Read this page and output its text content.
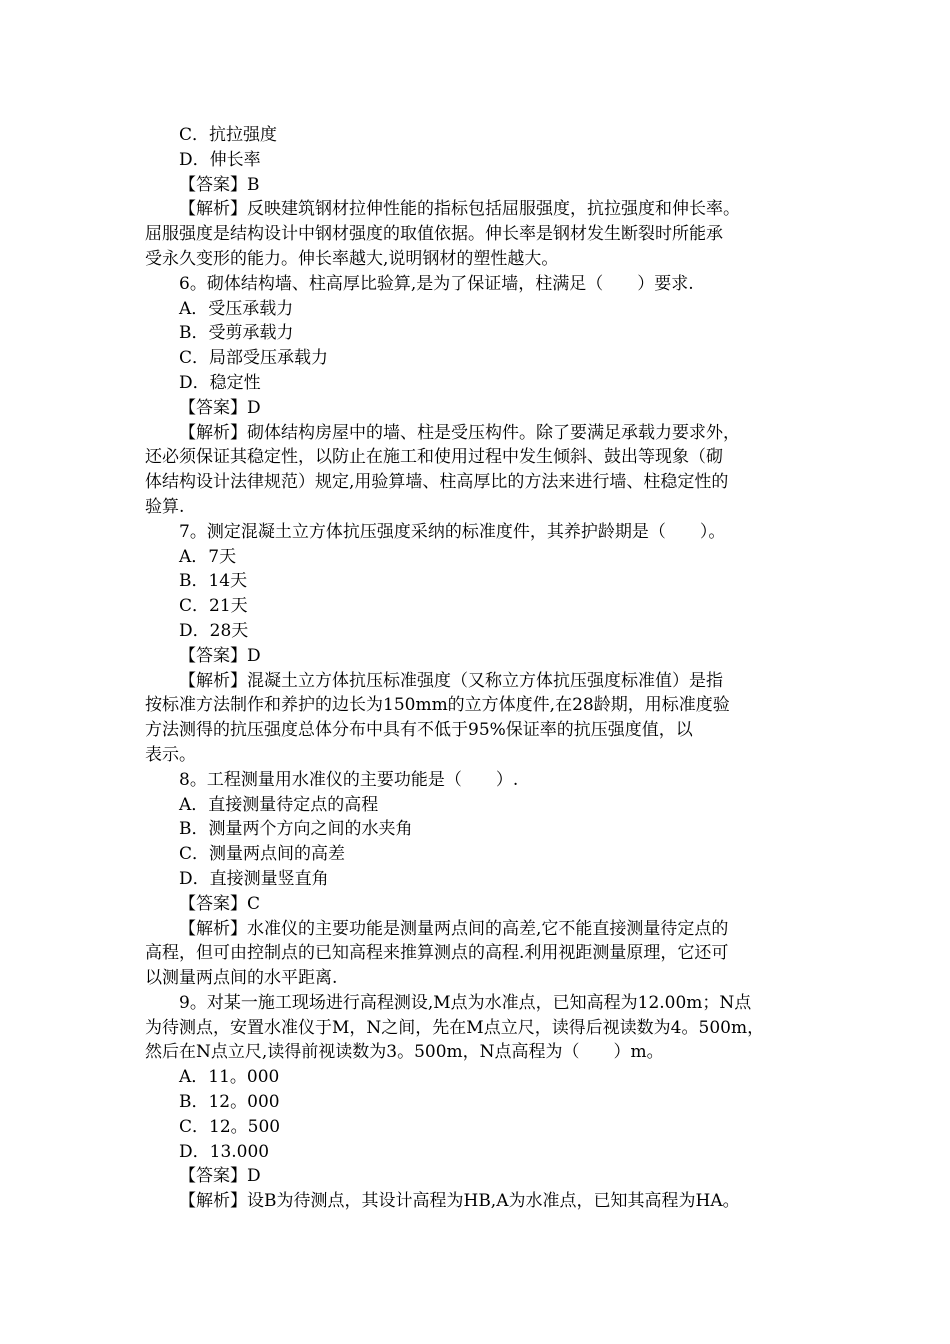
C．抗拉强度
D．伸长率
【答案】B
【解析】反映建筑钢材拉伸性能的指标包括屈服强度，抗拉强度和伸长率。
屈服强度是结构设计中钢材强度的取值依据。伸长率是钢材发生断裂时所能承
受永久变形的能力。伸长率越大,说明钢材的塑性越大。
6。砌体结构墙、柱高厚比验算,是为了保证墙，柱满足（　　）要求.
A．受压承载力
B．受剪承载力
C．局部受压承载力
D．稳定性
【答案】D
【解析】砌体结构房屋中的墙、柱是受压构件。除了要满足承载力要求外，
还必须保证其稳定性，以防止在施工和使用过程中发生倾斜、鼓出等现象（砌
体结构设计法律规范）规定,用验算墙、柱高厚比的方法来进行墙、柱稳定性的
验算.
7。测定混凝土立方体抗压强度采纳的标准度件，其养护龄期是（　　）。
A．7天
B．14天
C．21天
D．28天
【答案】D
【解析】混凝土立方体抗压标准强度（又称立方体抗压强度标准值）是指
按标准方法制作和养护的边长为150mm的立方体度件,在28龄期，用标准度验
方法测得的抗压强度总体分布中具有不低于95%保证率的抗压强度值，以
表示。
8。工程测量用水准仪的主要功能是（　　）.
A．直接测量待定点的高程
B．测量两个方向之间的水夹角
C．测量两点间的高差
D．直接测量竖直角
【答案】C
【解析】水准仪的主要功能是测量两点间的高差,它不能直接测量待定点的
高程，但可由控制点的已知高程来推算测点的高程.利用视距测量原理，它还可
以测量两点间的水平距离.
9。对某一施工现场进行高程测设,M点为水准点，已知高程为12.00m；N点
为待测点，安置水准仪于M，N之间，先在M点立尺，读得后视读数为4。500m，
然后在N点立尺,读得前视读数为3。500m，N点高程为（　　）m。
A．11。000
B．12。000
C．12。500
D．13.000
【答案】D
【解析】设B为待测点，其设计高程为HB,A为水准点，已知其高程为HA。
